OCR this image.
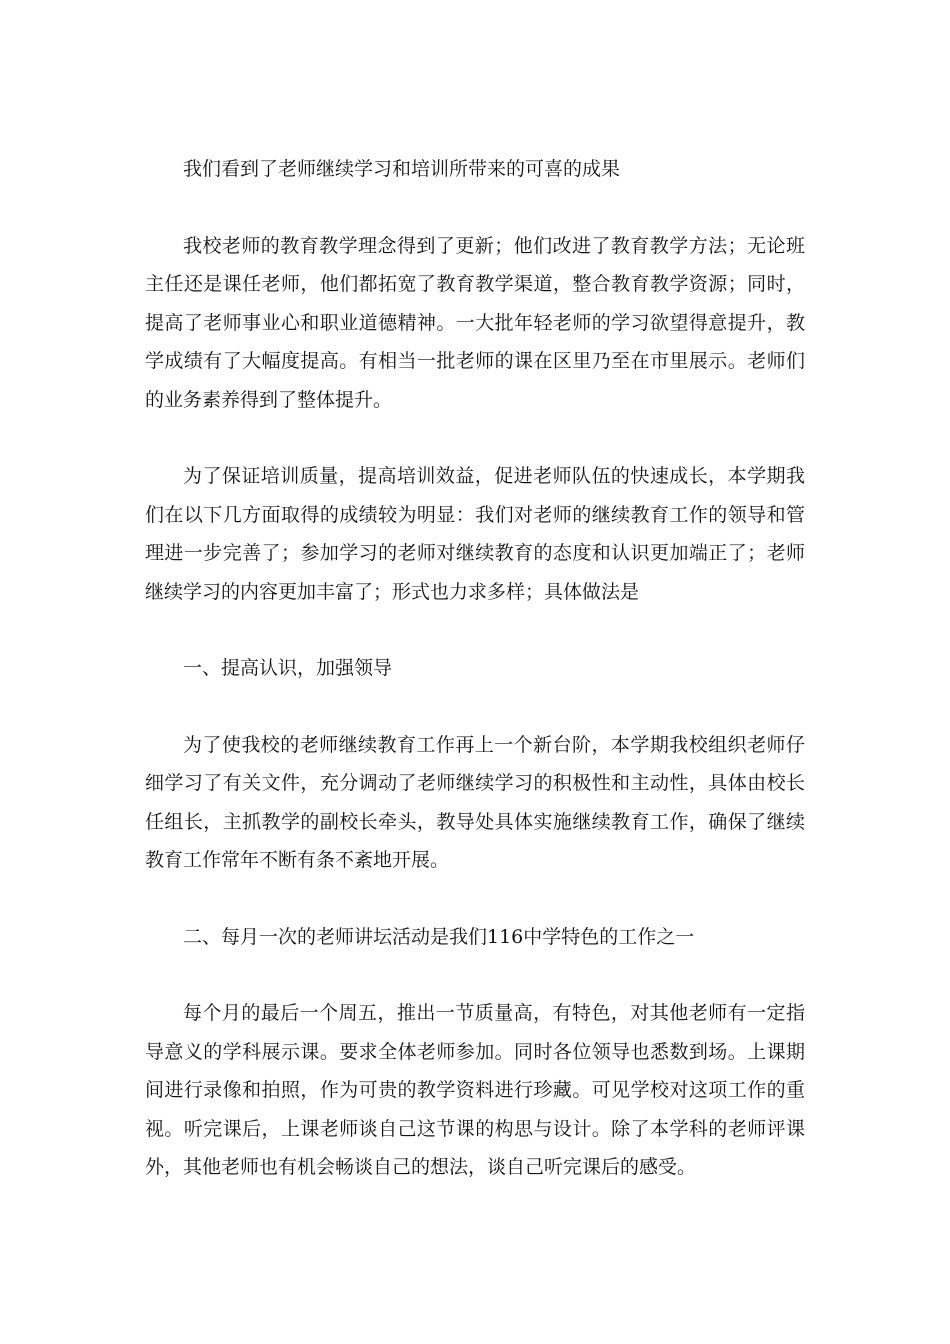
我们看到了老师继续学习和培训所带来的可喜的成果

我校老师的教育教学理念得到了更新；他们改进了教育教学方法；无论班主任还是课任老师，他们都拓宽了教育教学渠道，整合教育教学资源；同时，提高了老师事业心和职业道德精神。一大批年轻老师的学习欲望得意提升，教学成绩有了大幅度提高。有相当一批老师的课在区里乃至在市里展示。老师们的业务素养得到了整体提升。

为了保证培训质量，提高培训效益，促进老师队伍的快速成长，本学期我们在以下几方面取得的成绩较为明显：我们对老师的继续教育工作的领导和管理进一步完善了；参加学习的老师对继续教育的态度和认识更加端正了；老师继续学习的内容更加丰富了；形式也力求多样；具体做法是

一、提高认识，加强领导

为了使我校的老师继续教育工作再上一个新台阶，本学期我校组织老师仔细学习了有关文件，充分调动了老师继续学习的积极性和主动性，具体由校长任组长，主抓教学的副校长牵头，教导处具体实施继续教育工作，确保了继续教育工作常年不断有条不紊地开展。

二、每月一次的老师讲坛活动是我们116中学特色的工作之一

每个月的最后一个周五，推出一节质量高，有特色，对其他老师有一定指导意义的学科展示课。要求全体老师参加。同时各位领导也悉数到场。上课期间进行录像和拍照，作为可贵的教学资料进行珍藏。可见学校对这项工作的重视。听完课后，上课老师谈自己这节课的构思与设计。除了本学科的老师评课外，其他老师也有机会畅谈自己的想法，谈自己听完课后的感受。
